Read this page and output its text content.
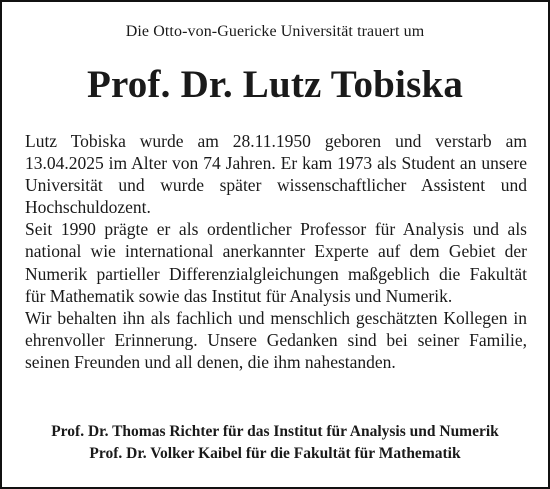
Die Otto-von-Guericke Universität trauert um
Prof. Dr. Lutz Tobiska

Lutz Tobiska wurde am 28.11.1950 geboren und verstarb am 13.04.2025 im Alter von 74 Jahren. Er kam 1973 als Student an unsere Universität und wurde später wissenschaftlicher Assistent und Hochschuldozent.

Seit 1990 prägte er als ordentlicher Professor für Analysis und als national wie international anerkannter Experte auf dem Gebiet der Numerik partieller Differenzialgleichungen maßgeblich die Fakultät für Mathematik sowie das Institut für Analysis und Numerik.

Wir behalten ihn als fachlich und menschlich geschätzten Kollegen in ehrenvoller Erinnerung. Unsere Gedanken sind bei seiner Familie, seinen Freunden und all denen, die ihm nahestanden.

Prof. Dr. Thomas Richter für das Institut für Analysis und Numerik
Prof. Dr. Volker Kaibel für die Fakultät für Mathematik
